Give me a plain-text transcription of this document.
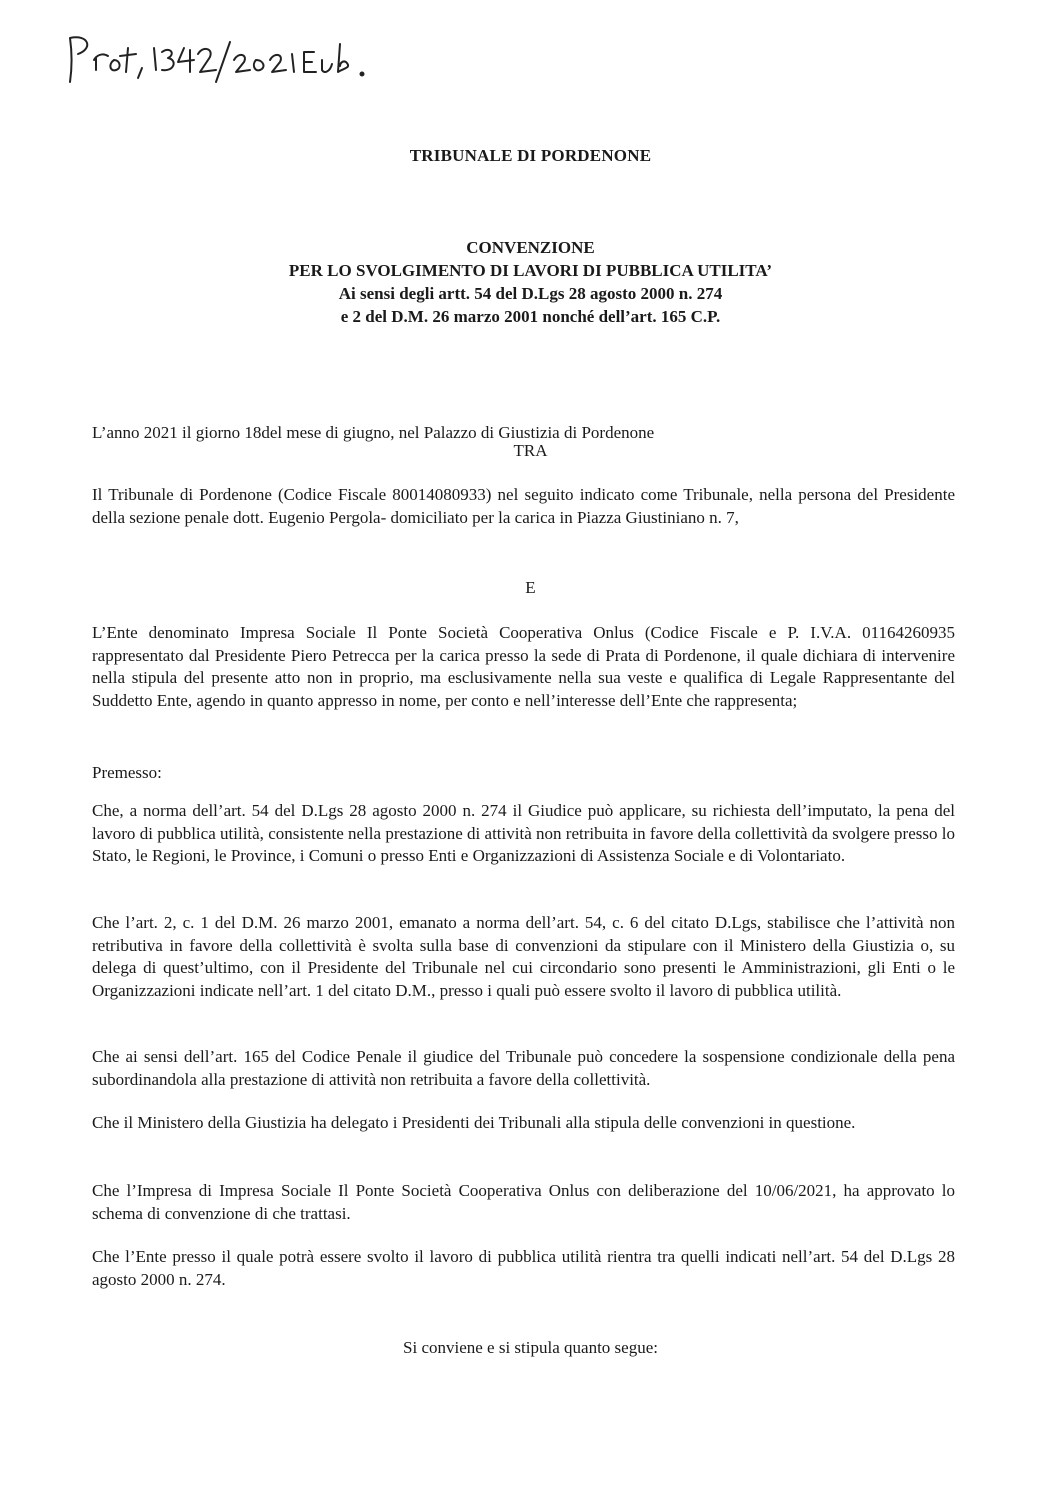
TRIBUNALE DI PORDENONE
CONVENZIONE
PER LO SVOLGIMENTO DI LAVORI DI PUBBLICA UTILITA’
Ai sensi degli artt. 54 del D.Lgs 28 agosto 2000 n. 274
e 2 del D.M. 26 marzo 2001 nonché dell’art. 165 C.P.
L’anno 2021 il giorno 18del mese di giugno, nel Palazzo di Giustizia di Pordenone
TRA
Il Tribunale di Pordenone (Codice Fiscale 80014080933) nel seguito indicato come Tribunale, nella persona del Presidente della sezione penale dott. Eugenio Pergola- domiciliato per la carica in Piazza Giustiniano n. 7,
E
L’Ente denominato Impresa Sociale Il Ponte Società Cooperativa Onlus (Codice Fiscale e P. I.V.A. 01164260935 rappresentato dal Presidente Piero Petrecca per la carica presso la sede di Prata di Pordenone, il quale dichiara di intervenire nella stipula del presente atto non in proprio, ma esclusivamente nella sua veste e qualifica di Legale Rappresentante del Suddetto Ente, agendo in quanto appresso in nome, per conto e nell’interesse dell’Ente che rappresenta;
Premesso:
Che, a norma dell’art. 54 del D.Lgs 28 agosto 2000 n. 274 il Giudice può applicare, su richiesta dell’imputato, la pena del lavoro di pubblica utilità, consistente nella prestazione di attività non retribuita in favore della collettività da svolgere presso lo Stato, le Regioni, le Province, i Comuni o presso Enti e Organizzazioni di Assistenza Sociale e di Volontariato.
Che l’art. 2, c. 1 del D.M. 26 marzo 2001, emanato a norma dell’art. 54, c. 6 del citato D.Lgs, stabilisce che l’attività non retributiva in favore della collettività è svolta sulla base di convenzioni da stipulare con il Ministero della Giustizia o, su delega di quest’ultimo, con il Presidente del Tribunale nel cui circondario sono presenti le Amministrazioni, gli Enti o le Organizzazioni indicate nell’art. 1 del citato D.M., presso i quali può essere svolto il lavoro di pubblica utilità.
Che ai sensi dell’art. 165 del Codice Penale il giudice del Tribunale può concedere la sospensione condizionale della pena subordinandola alla prestazione di attività non retribuita a favore della collettività.
Che il Ministero della Giustizia ha delegato i Presidenti dei Tribunali alla stipula delle convenzioni in questione.
Che l’Impresa di Impresa Sociale Il Ponte Società Cooperativa Onlus con deliberazione del 10/06/2021, ha approvato lo schema di convenzione di che trattasi.
Che l’Ente presso il quale potrà essere svolto il lavoro di pubblica utilità rientra tra quelli indicati nell’art. 54 del D.Lgs 28 agosto 2000 n. 274.
Si conviene e si stipula quanto segue:
